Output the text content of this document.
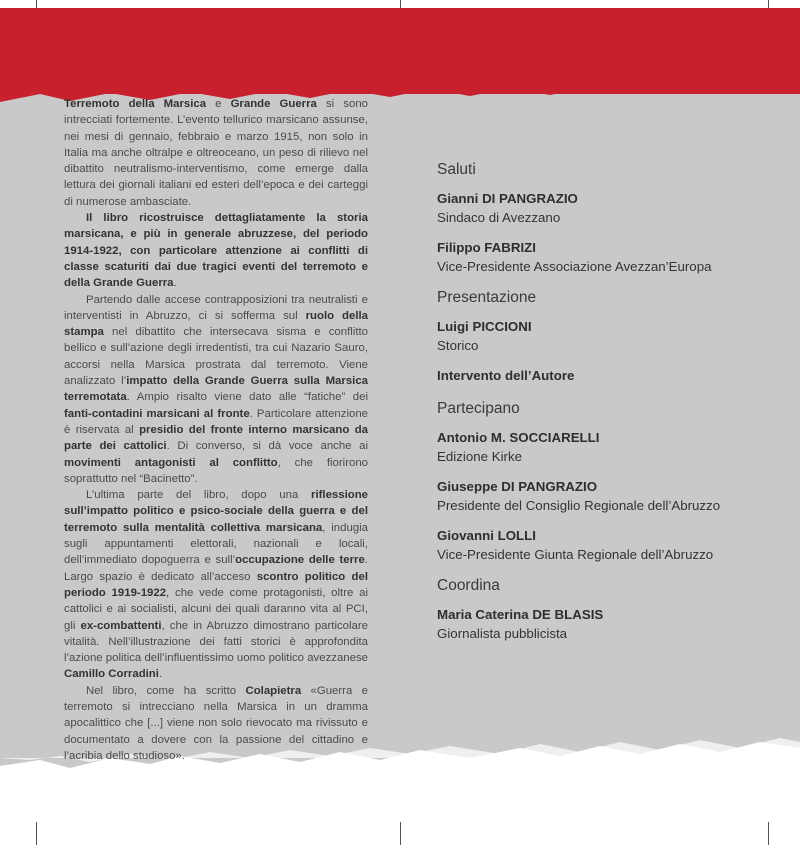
Terremoto della Marsica e Grande Guerra si sono intrecciati fortemente. L’evento tellurico marsicano assunse, nei mesi di gennaio, febbraio e marzo 1915, non solo in Italia ma anche oltralpe e oltreoceano, un peso di rilievo nel dibattito neutralismo-interventismo, come emerge dalla lettura dei giornali italiani ed esteri dell’epoca e dei carteggi di numerose ambasciate.

Il libro ricostruisce dettagliatamente la storia marsicana, e più in generale abruzzese, del periodo 1914-1922, con particolare attenzione ai conflitti di classe scaturiti dai due tragici eventi del terremoto e della Grande Guerra.

Partendo dalle accese contrapposizioni tra neutralisti e interventisti in Abruzzo, ci si sofferma sul ruolo della stampa nel dibattito che intersecava sisma e conflitto bellico e sull’azione degli irredentisti, tra cui Nazario Sauro, accorsi nella Marsica prostrata dal terremoto. Viene analizzato l’impatto della Grande Guerra sulla Marsica terremotata. Ampio risalto viene dato alle “fatiche” dei fanti-contadini marsicani al fronte. Particolare attenzione è riservata al presidio del fronte interno marsicano da parte dei cattolici. Di converso, si dà voce anche ai movimenti antagonisti al conflitto, che fiorirono soprattutto nel “Bacinetto”.

L’ultima parte del libro, dopo una riflessione sull’impatto politico e psico-sociale della guerra e del terremoto sulla mentalità collettiva marsicana, indugia sugli appuntamenti elettorali, nazionali e locali, dell’immediato dopoguerra e sull’occupazione delle terre. Largo spazio è dedicato all’acceso scontro politico del periodo 1919-1922, che vede come protagonisti, oltre ai cattolici e ai socialisti, alcuni dei quali daranno vita al PCI, gli ex-combattenti, che in Abruzzo dimostrano particolare vitalità. Nell’illustrazione dei fatti storici è approfondita l’azione politica dell’influentissimo uomo politico avezzanese Camillo Corradini.

Nel libro, come ha scritto Colapietra «Guerra e terremoto si intrecciano nella Marsica in un dramma apocalittico che [...] viene non solo rievocato ma rivissuto e documentato a dovere con la passione del cittadino e l’acribia dello studioso».

Saluti
Gianni DI PANGRAZIO
Sindaco di Avezzano
Filippo FABRIZI
Vice-Presidente Associazione Avezzan’Europa
Presentazione
Luigi PICCIONI
Storico
Intervento dell’Autore
Partecipano
Antonio M. SOCCIARELLI
Edizione Kirke
Giuseppe DI PANGRAZIO
Presidente del Consiglio Regionale dell’Abruzzo
Giovanni LOLLI
Vice-Presidente Giunta Regionale dell’Abruzzo
Coordina
Maria Caterina DE BLASIS
Giornalista pubblicista
